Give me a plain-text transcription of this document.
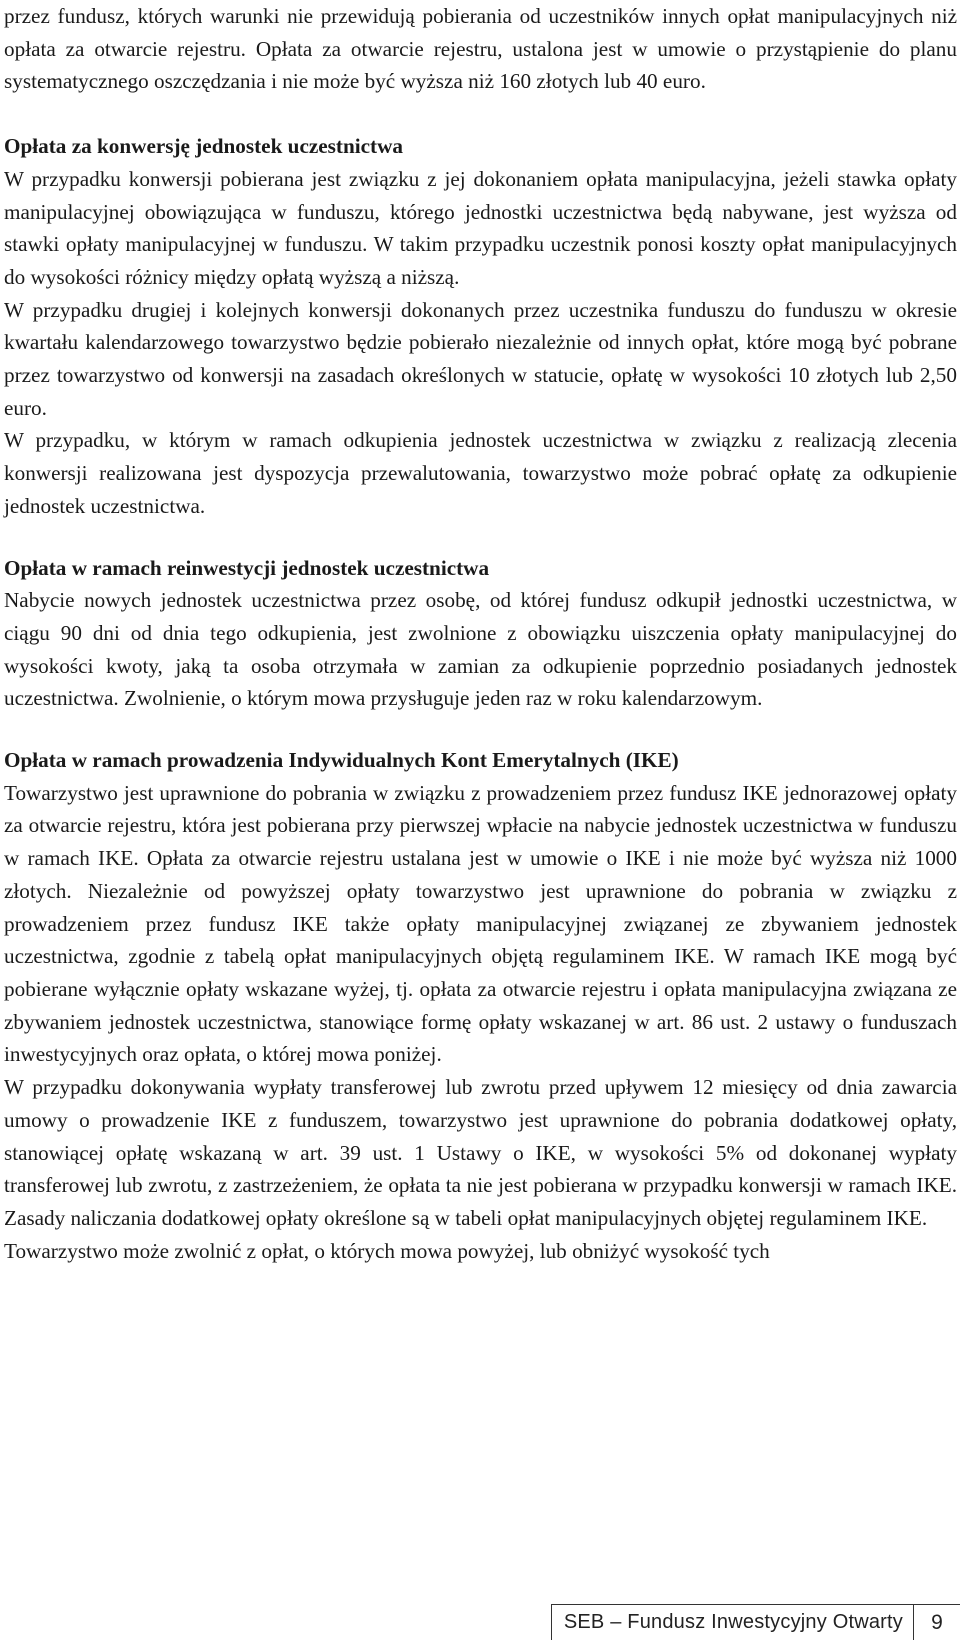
przez fundusz, których warunki nie przewidują pobierania od uczestników innych opłat manipulacyjnych niż opłata za otwarcie rejestru. Opłata za otwarcie rejestru, ustalona jest w umowie o przystąpienie do planu systematycznego oszczędzania i nie może być wyższa niż 160 złotych lub 40 euro.

Opłata za konwersję jednostek uczestnictwa

W przypadku konwersji pobierana jest związku z jej dokonaniem opłata manipulacyjna, jeżeli stawka opłaty manipulacyjnej obowiązująca w funduszu, którego jednostki uczestnictwa będą nabywane, jest wyższa od stawki opłaty manipulacyjnej w funduszu. W takim przypadku uczestnik ponosi koszty opłat manipulacyjnych do wysokości różnicy między opłatą wyższą a niższą.

W przypadku drugiej i kolejnych konwersji dokonanych przez uczestnika funduszu do funduszu w okresie kwartału kalendarzowego towarzystwo będzie pobierało niezależnie od innych opłat, które mogą być pobrane przez towarzystwo od konwersji na zasadach określonych w statucie, opłatę w wysokości 10 złotych lub 2,50 euro.

W przypadku, w którym w ramach odkupienia jednostek uczestnictwa w związku z realizacją zlecenia konwersji realizowana jest dyspozycja przewalutowania, towarzystwo może pobrać opłatę za odkupienie jednostek uczestnictwa.

Opłata w ramach reinwestycji jednostek uczestnictwa

Nabycie nowych jednostek uczestnictwa przez osobę, od której fundusz odkupił jednostki uczestnictwa, w ciągu 90 dni od dnia tego odkupienia, jest zwolnione z obowiązku uiszczenia opłaty manipulacyjnej do wysokości kwoty, jaką ta osoba otrzymała w zamian za odkupienie poprzednio posiadanych jednostek uczestnictwa. Zwolnienie, o którym mowa przysługuje jeden raz w roku kalendarzowym.

Opłata w ramach prowadzenia Indywidualnych Kont Emerytalnych (IKE)

Towarzystwo jest uprawnione do pobrania w związku z prowadzeniem przez fundusz IKE jednorazowej opłaty za otwarcie rejestru, która jest pobierana przy pierwszej wpłacie na nabycie jednostek uczestnictwa w funduszu w ramach IKE. Opłata za otwarcie rejestru ustalana jest w umowie o IKE i nie może być wyższa niż 1000 złotych. Niezależnie od powyższej opłaty towarzystwo jest uprawnione do pobrania w związku z prowadzeniem przez fundusz IKE także opłaty manipulacyjnej związanej ze zbywaniem jednostek uczestnictwa, zgodnie z tabelą opłat manipulacyjnych objętą regulaminem IKE. W ramach IKE mogą być pobierane wyłącznie opłaty wskazane wyżej, tj. opłata za otwarcie rejestru i opłata manipulacyjna związana ze zbywaniem jednostek uczestnictwa, stanowiące formę opłaty wskazanej w art. 86 ust. 2 ustawy o funduszach inwestycyjnych oraz opłata, o której mowa poniżej.

W przypadku dokonywania wypłaty transferowej lub zwrotu przed upływem 12 miesięcy od dnia zawarcia umowy o prowadzenie IKE z funduszem, towarzystwo jest uprawnione do pobrania dodatkowej opłaty, stanowiącej opłatę wskazaną w art. 39 ust. 1 Ustawy o IKE, w wysokości 5% od dokonanej wypłaty transferowej lub zwrotu, z zastrzeżeniem, że opłata ta nie jest pobierana w przypadku konwersji w ramach IKE. Zasady naliczania dodatkowej opłaty określone są w tabeli opłat manipulacyjnych objętej regulaminem IKE.

Towarzystwo może zwolnić z opłat, o których mowa powyżej, lub obniżyć wysokość tych

SEB – Fundusz Inwestycyjny Otwarty	9
